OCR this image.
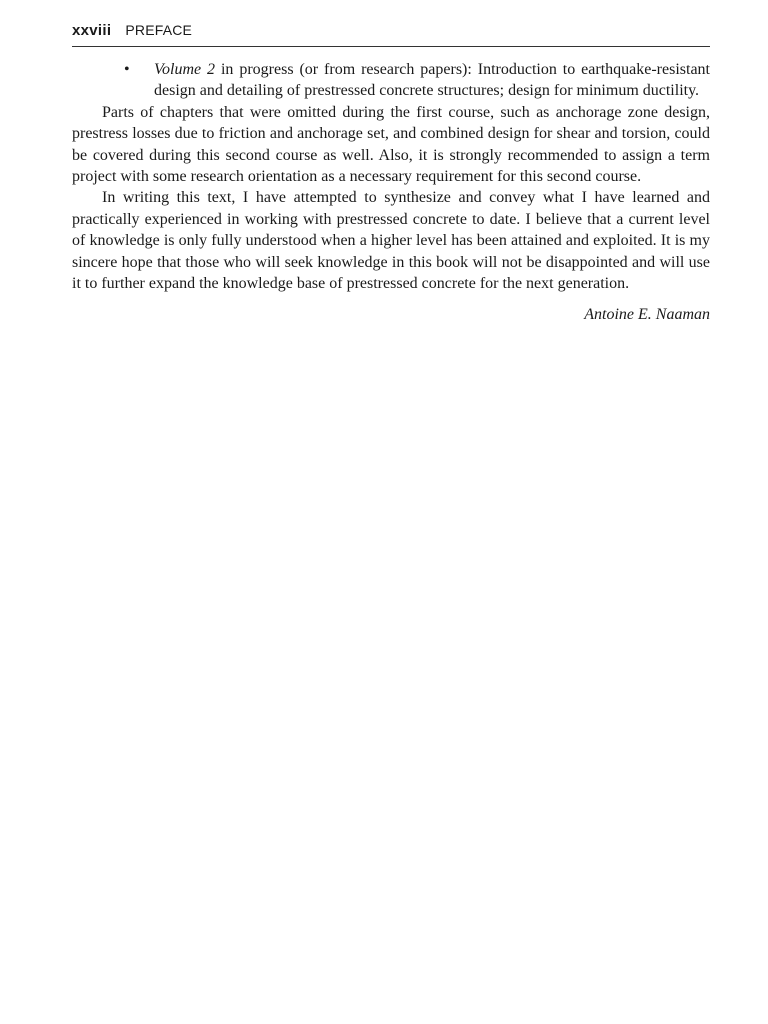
xxviii PREFACE
•	Volume 2 in progress (or from research papers): Introduction to earthquake-resistant design and detailing of prestressed concrete structures; design for minimum ductility.

Parts of chapters that were omitted during the first course, such as anchorage zone design, prestress losses due to friction and anchorage set, and combined design for shear and torsion, could be covered during this second course as well. Also, it is strongly recommended to assign a term project with some research orientation as a necessary requirement for this second course.

In writing this text, I have attempted to synthesize and convey what I have learned and practically experienced in working with prestressed concrete to date. I believe that a current level of knowledge is only fully understood when a higher level has been attained and exploited. It is my sincere hope that those who will seek knowledge in this book will not be disappointed and will use it to further expand the knowledge base of prestressed concrete for the next generation.

Antoine E. Naaman
